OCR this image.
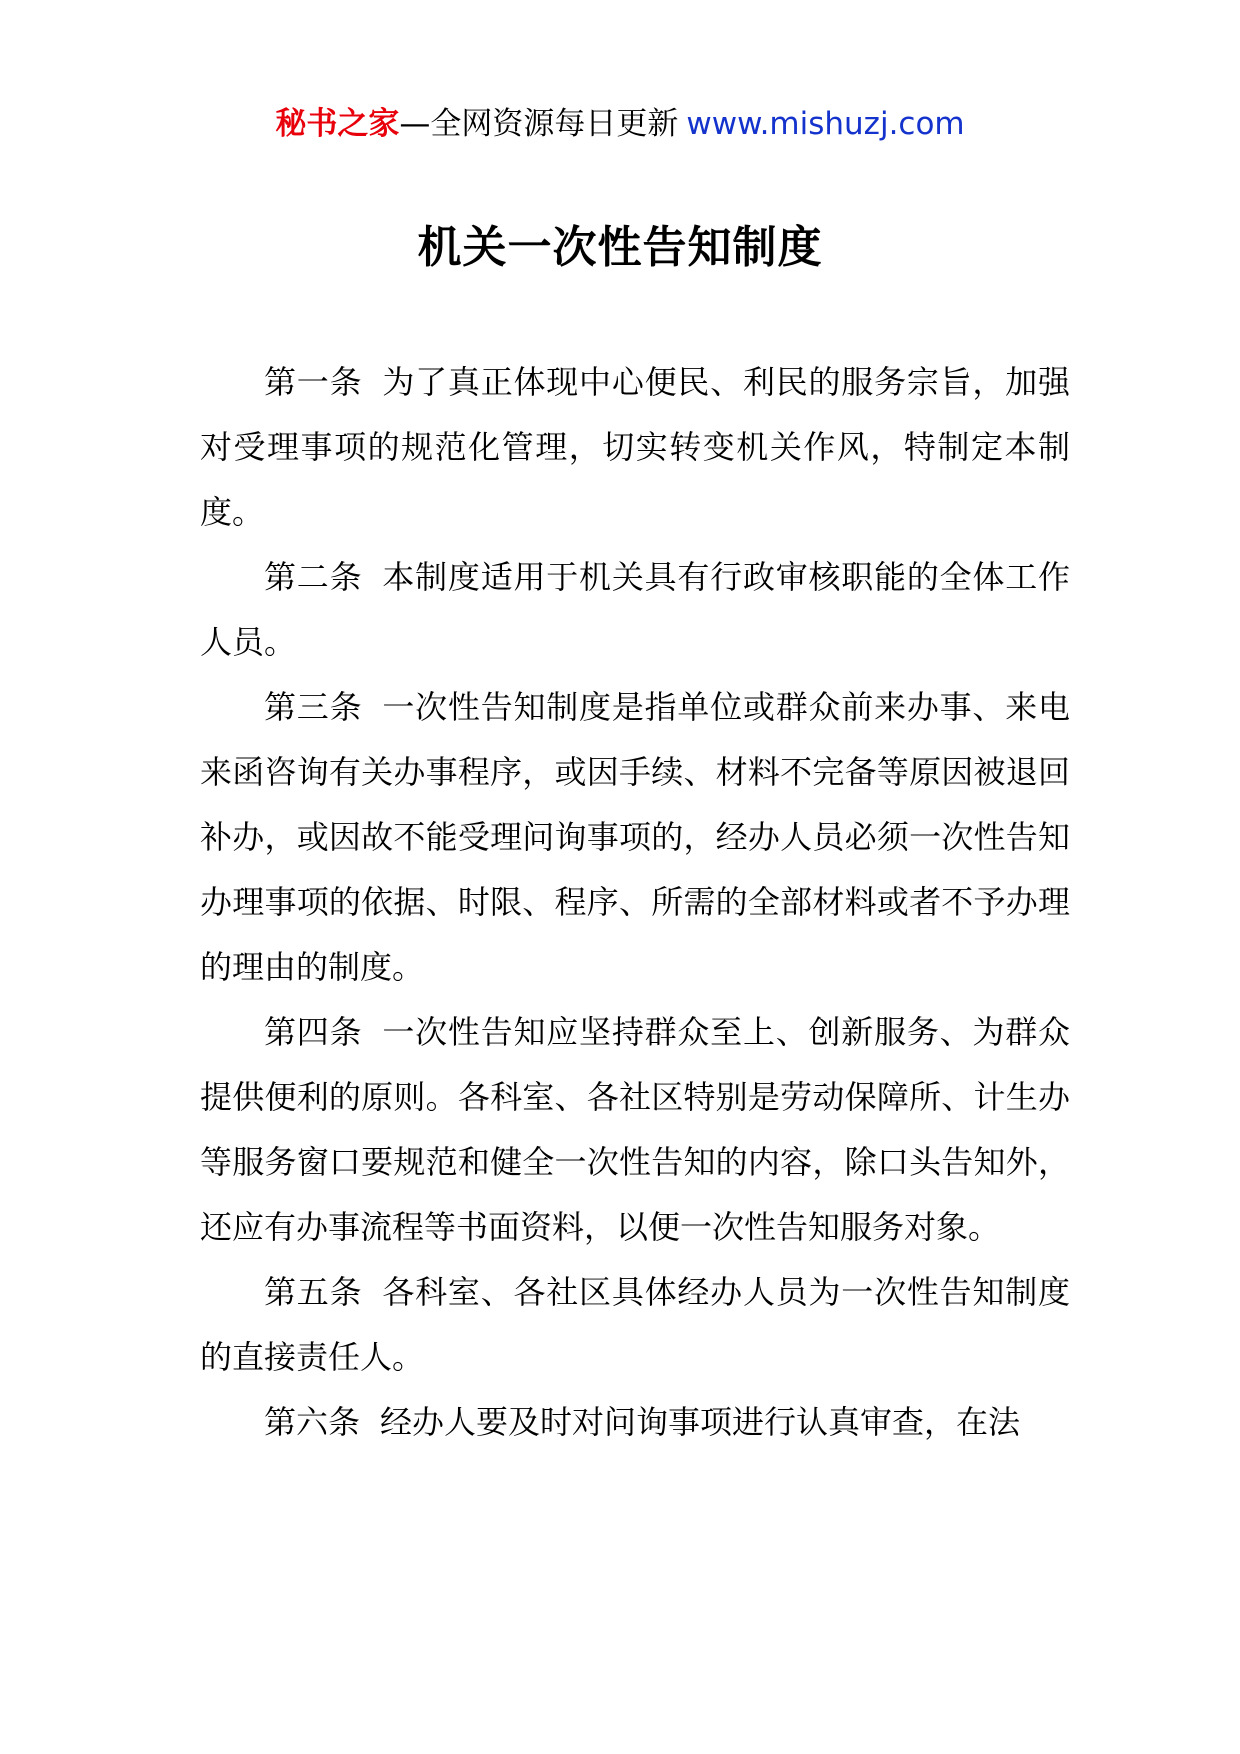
秘书之家—全网资源每日更新 www.mishuzj.com
机关一次性告知制度

第一条 为了真正体现中心便民、利民的服务宗旨，加强对受理事项的规范化管理，切实转变机关作风，特制定本制度。

第二条 本制度适用于机关具有行政审核职能的全体工作人员。

第三条 一次性告知制度是指单位或群众前来办事、来电来函咨询有关办事程序，或因手续、材料不完备等原因被退回补办，或因故不能受理问询事项的，经办人员必须一次性告知办理事项的依据、时限、程序、所需的全部材料或者不予办理的理由的制度。

第四条 一次性告知应坚持群众至上、创新服务、为群众提供便利的原则。各科室、各社区特别是劳动保障所、计生办等服务窗口要规范和健全一次性告知的内容，除口头告知外，还应有办事流程等书面资料，以便一次性告知服务对象。

第五条 各科室、各社区具体经办人员为一次性告知制度的直接责任人。

第六条 经办人要及时对问询事项进行认真审查，在法
